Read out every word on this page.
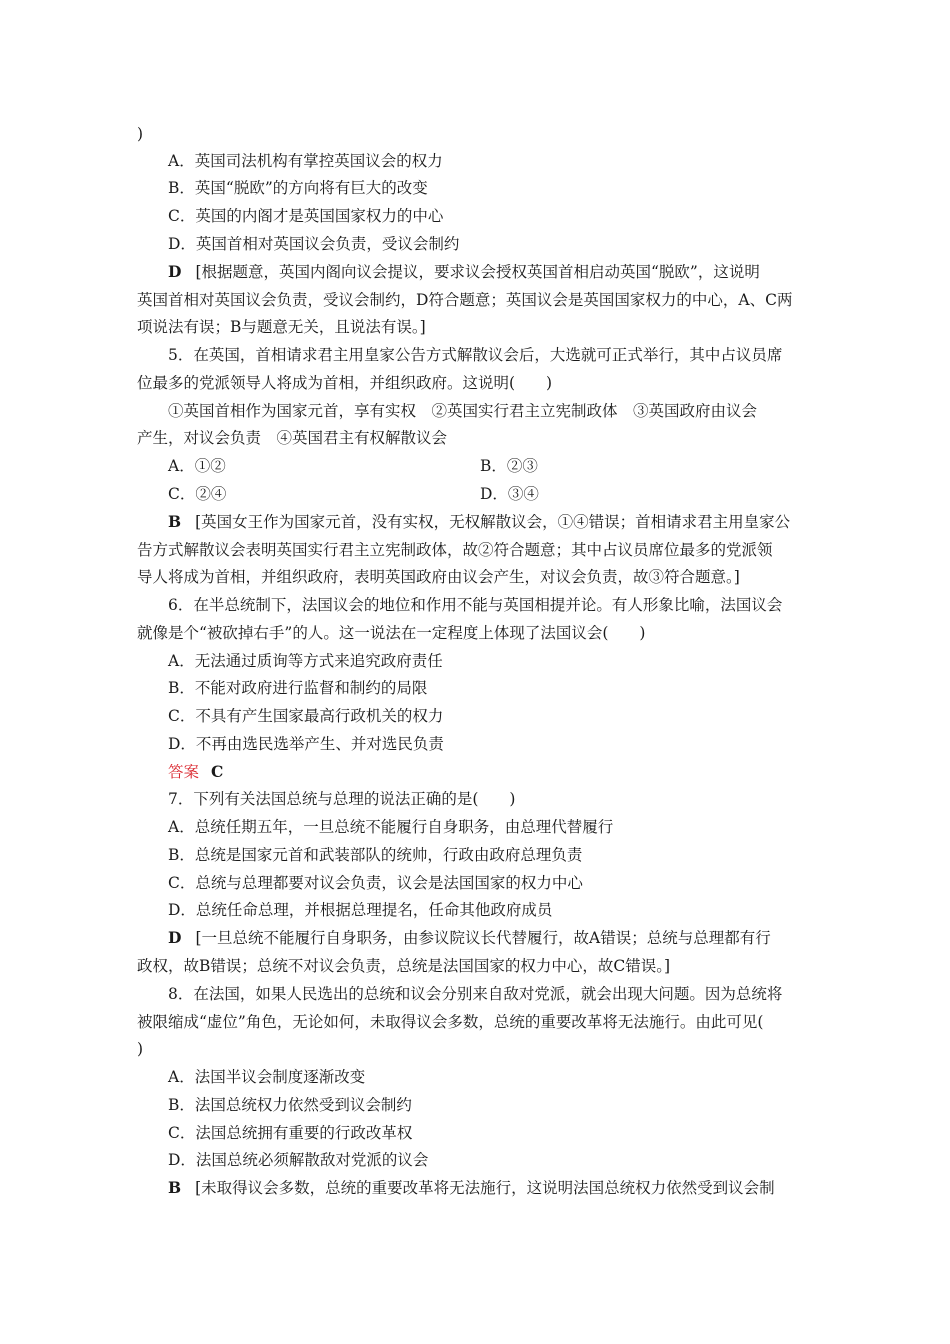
)
A．英国司法机构有掌控英国议会的权力
B．英国“脱欧”的方向将有巨大的改变
C．英国的内阁才是英国国家权力的中心
D．英国首相对英国议会负责，受议会制约
D [根据题意，英国内阁向议会提议，要求议会授权英国首相启动英国“脱欧”，这说明
英国首相对英国议会负责，受议会制约，D符合题意；英国议会是英国国家权力的中心，A、C两
项说法有误；B与题意无关，且说法有误。]
5．在英国，首相请求君主用皇家公告方式解散议会后，大选就可正式举行，其中占议员席
位最多的党派领导人将成为首相，并组织政府。这说明(　　)
①英国首相作为国家元首，享有实权　②英国实行君主立宪制政体　③英国政府由议会
产生，对议会负责　④英国君主有权解散议会
A．①②	B．②③
C．②④	D．③④
B [英国女王作为国家元首，没有实权，无权解散议会，①④错误；首相请求君主用皇家公
告方式解散议会表明英国实行君主立宪制政体，故②符合题意；其中占议员席位最多的党派领
导人将成为首相，并组织政府，表明英国政府由议会产生，对议会负责，故③符合题意。]
6．在半总统制下，法国议会的地位和作用不能与英国相提并论。有人形象比喻，法国议会
就像是个“被砍掉右手”的人。这一说法在一定程度上体现了法国议会(　　)
A．无法通过质询等方式来追究政府责任
B．不能对政府进行监督和制约的局限
C．不具有产生国家最高行政机关的权力
D．不再由选民选举产生、并对选民负责
答案 C
7．下列有关法国总统与总理的说法正确的是(　　)
A．总统任期五年，一旦总统不能履行自身职务，由总理代替履行
B．总统是国家元首和武装部队的统帅，行政由政府总理负责
C．总统与总理都要对议会负责，议会是法国国家的权力中心
D．总统任命总理，并根据总理提名，任命其他政府成员
D [一旦总统不能履行自身职务，由参议院议长代替履行，故A错误；总统与总理都有行
政权，故B错误；总统不对议会负责，总统是法国国家的权力中心，故C错误。]
8．在法国，如果人民选出的总统和议会分别来自敌对党派，就会出现大问题。因为总统将
被限缩成“虚位”角色，无论如何，未取得议会多数，总统的重要改革将无法施行。由此可见(
)
A．法国半议会制度逐渐改变
B．法国总统权力依然受到议会制约
C．法国总统拥有重要的行政改革权
D．法国总统必须解散敌对党派的议会
B [未取得议会多数，总统的重要改革将无法施行，这说明法国总统权力依然受到议会制
